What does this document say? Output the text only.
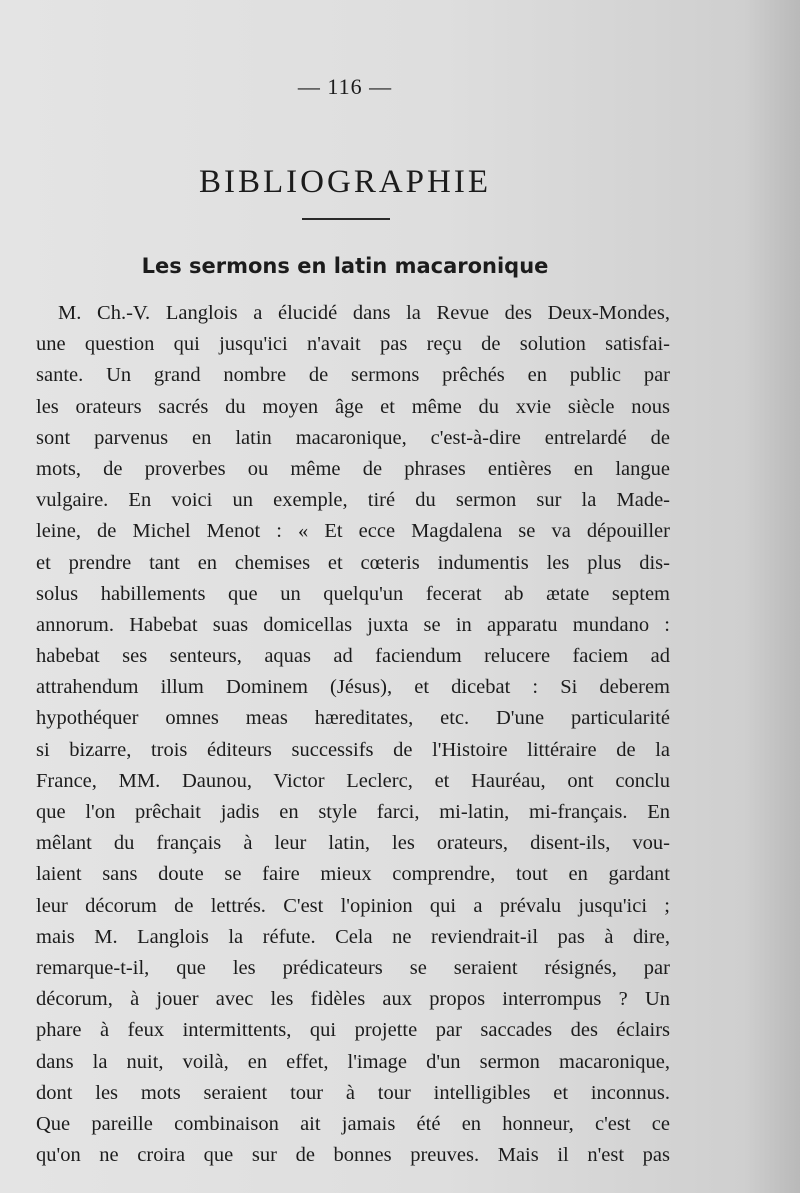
— 116 —
BIBLIOGRAPHIE
Les sermons en latin macaronique
M. Ch.-V. Langlois a élucidé dans la Revue des Deux-Mondes,
une question qui jusqu'ici n'avait pas reçu de solution satisfai-
sante. Un grand nombre de sermons prêchés en public par
les orateurs sacrés du moyen âge et même du xvie siècle nous
sont parvenus en latin macaronique, c'est-à-dire entrelardé de
mots, de proverbes ou même de phrases entières en langue
vulgaire. En voici un exemple, tiré du sermon sur la Made-
leine, de Michel Menot : « Et ecce Magdalena se va dépouiller
et prendre tant en chemises et cœteris indumentis les plus dis-
solus habillements que un quelqu'un fecerat ab ætate septem
annorum. Habebat suas domicellas juxta se in apparatu mundano :
habebat ses senteurs, aquas ad faciendum relucere faciem ad
attrahendum illum Dominem (Jésus), et dicebat : Si deberem
hypothéquer omnes meas hæreditates, etc. D'une particularité
si bizarre, trois éditeurs successifs de l'Histoire littéraire de la
France, MM. Daunou, Victor Leclerc, et Hauréau, ont conclu
que l'on prêchait jadis en style farci, mi-latin, mi-français. En
mêlant du français à leur latin, les orateurs, disent-ils, vou-
laient sans doute se faire mieux comprendre, tout en gardant
leur décorum de lettrés. C'est l'opinion qui a prévalu jusqu'ici ;
mais M. Langlois la réfute. Cela ne reviendrait-il pas à dire,
remarque-t-il, que les prédicateurs se seraient résignés, par
décorum, à jouer avec les fidèles aux propos interrompus ? Un
phare à feux intermittents, qui projette par saccades des éclairs
dans la nuit, voilà, en effet, l'image d'un sermon macaronique,
dont les mots seraient tour à tour intelligibles et inconnus.
Que pareille combinaison ait jamais été en honneur, c'est ce
qu'on ne croira que sur de bonnes preuves. Mais il n'est pas
